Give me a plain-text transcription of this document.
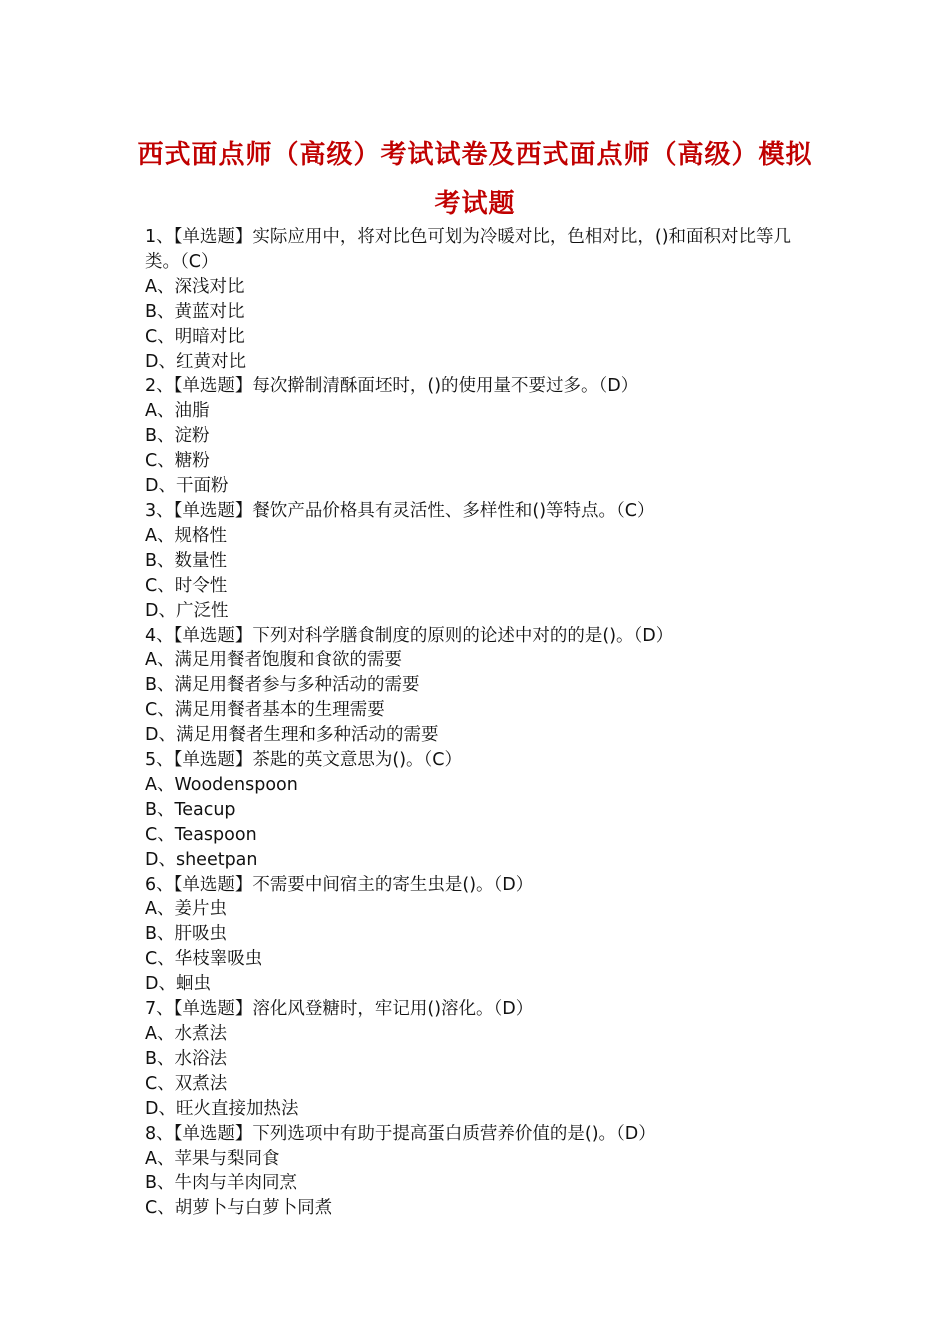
西式面点师（高级）考试试卷及西式面点师（高级）模拟
考试题
1、【单选题】实际应用中，将对比色可划为冷暖对比，色相对比，()和面积对比等几类。（C）
A、深浅对比
B、黄蓝对比
C、明暗对比
D、红黄对比
2、【单选题】每次擀制清酥面坯时，()的使用量不要过多。（D）
A、油脂
B、淀粉
C、糖粉
D、干面粉
3、【单选题】餐饮产品价格具有灵活性、多样性和()等特点。（C）
A、规格性
B、数量性
C、时令性
D、广泛性
4、【单选题】下列对科学膳食制度的原则的论述中对的的是()。（D）
A、满足用餐者饱腹和食欲的需要
B、满足用餐者参与多种活动的需要
C、满足用餐者基本的生理需要
D、满足用餐者生理和多种活动的需要
5、【单选题】茶匙的英文意思为()。（C）
A、Woodenspoon
B、Teacup
C、Teaspoon
D、sheetpan
6、【单选题】不需要中间宿主的寄生虫是()。（D）
A、姜片虫
B、肝吸虫
C、华枝睾吸虫
D、蛔虫
7、【单选题】溶化风登糖时，牢记用()溶化。（D）
A、水煮法
B、水浴法
C、双煮法
D、旺火直接加热法
8、【单选题】下列选项中有助于提高蛋白质营养价值的是()。（D）
A、苹果与梨同食
B、牛肉与羊肉同烹
C、胡萝卜与白萝卜同煮
